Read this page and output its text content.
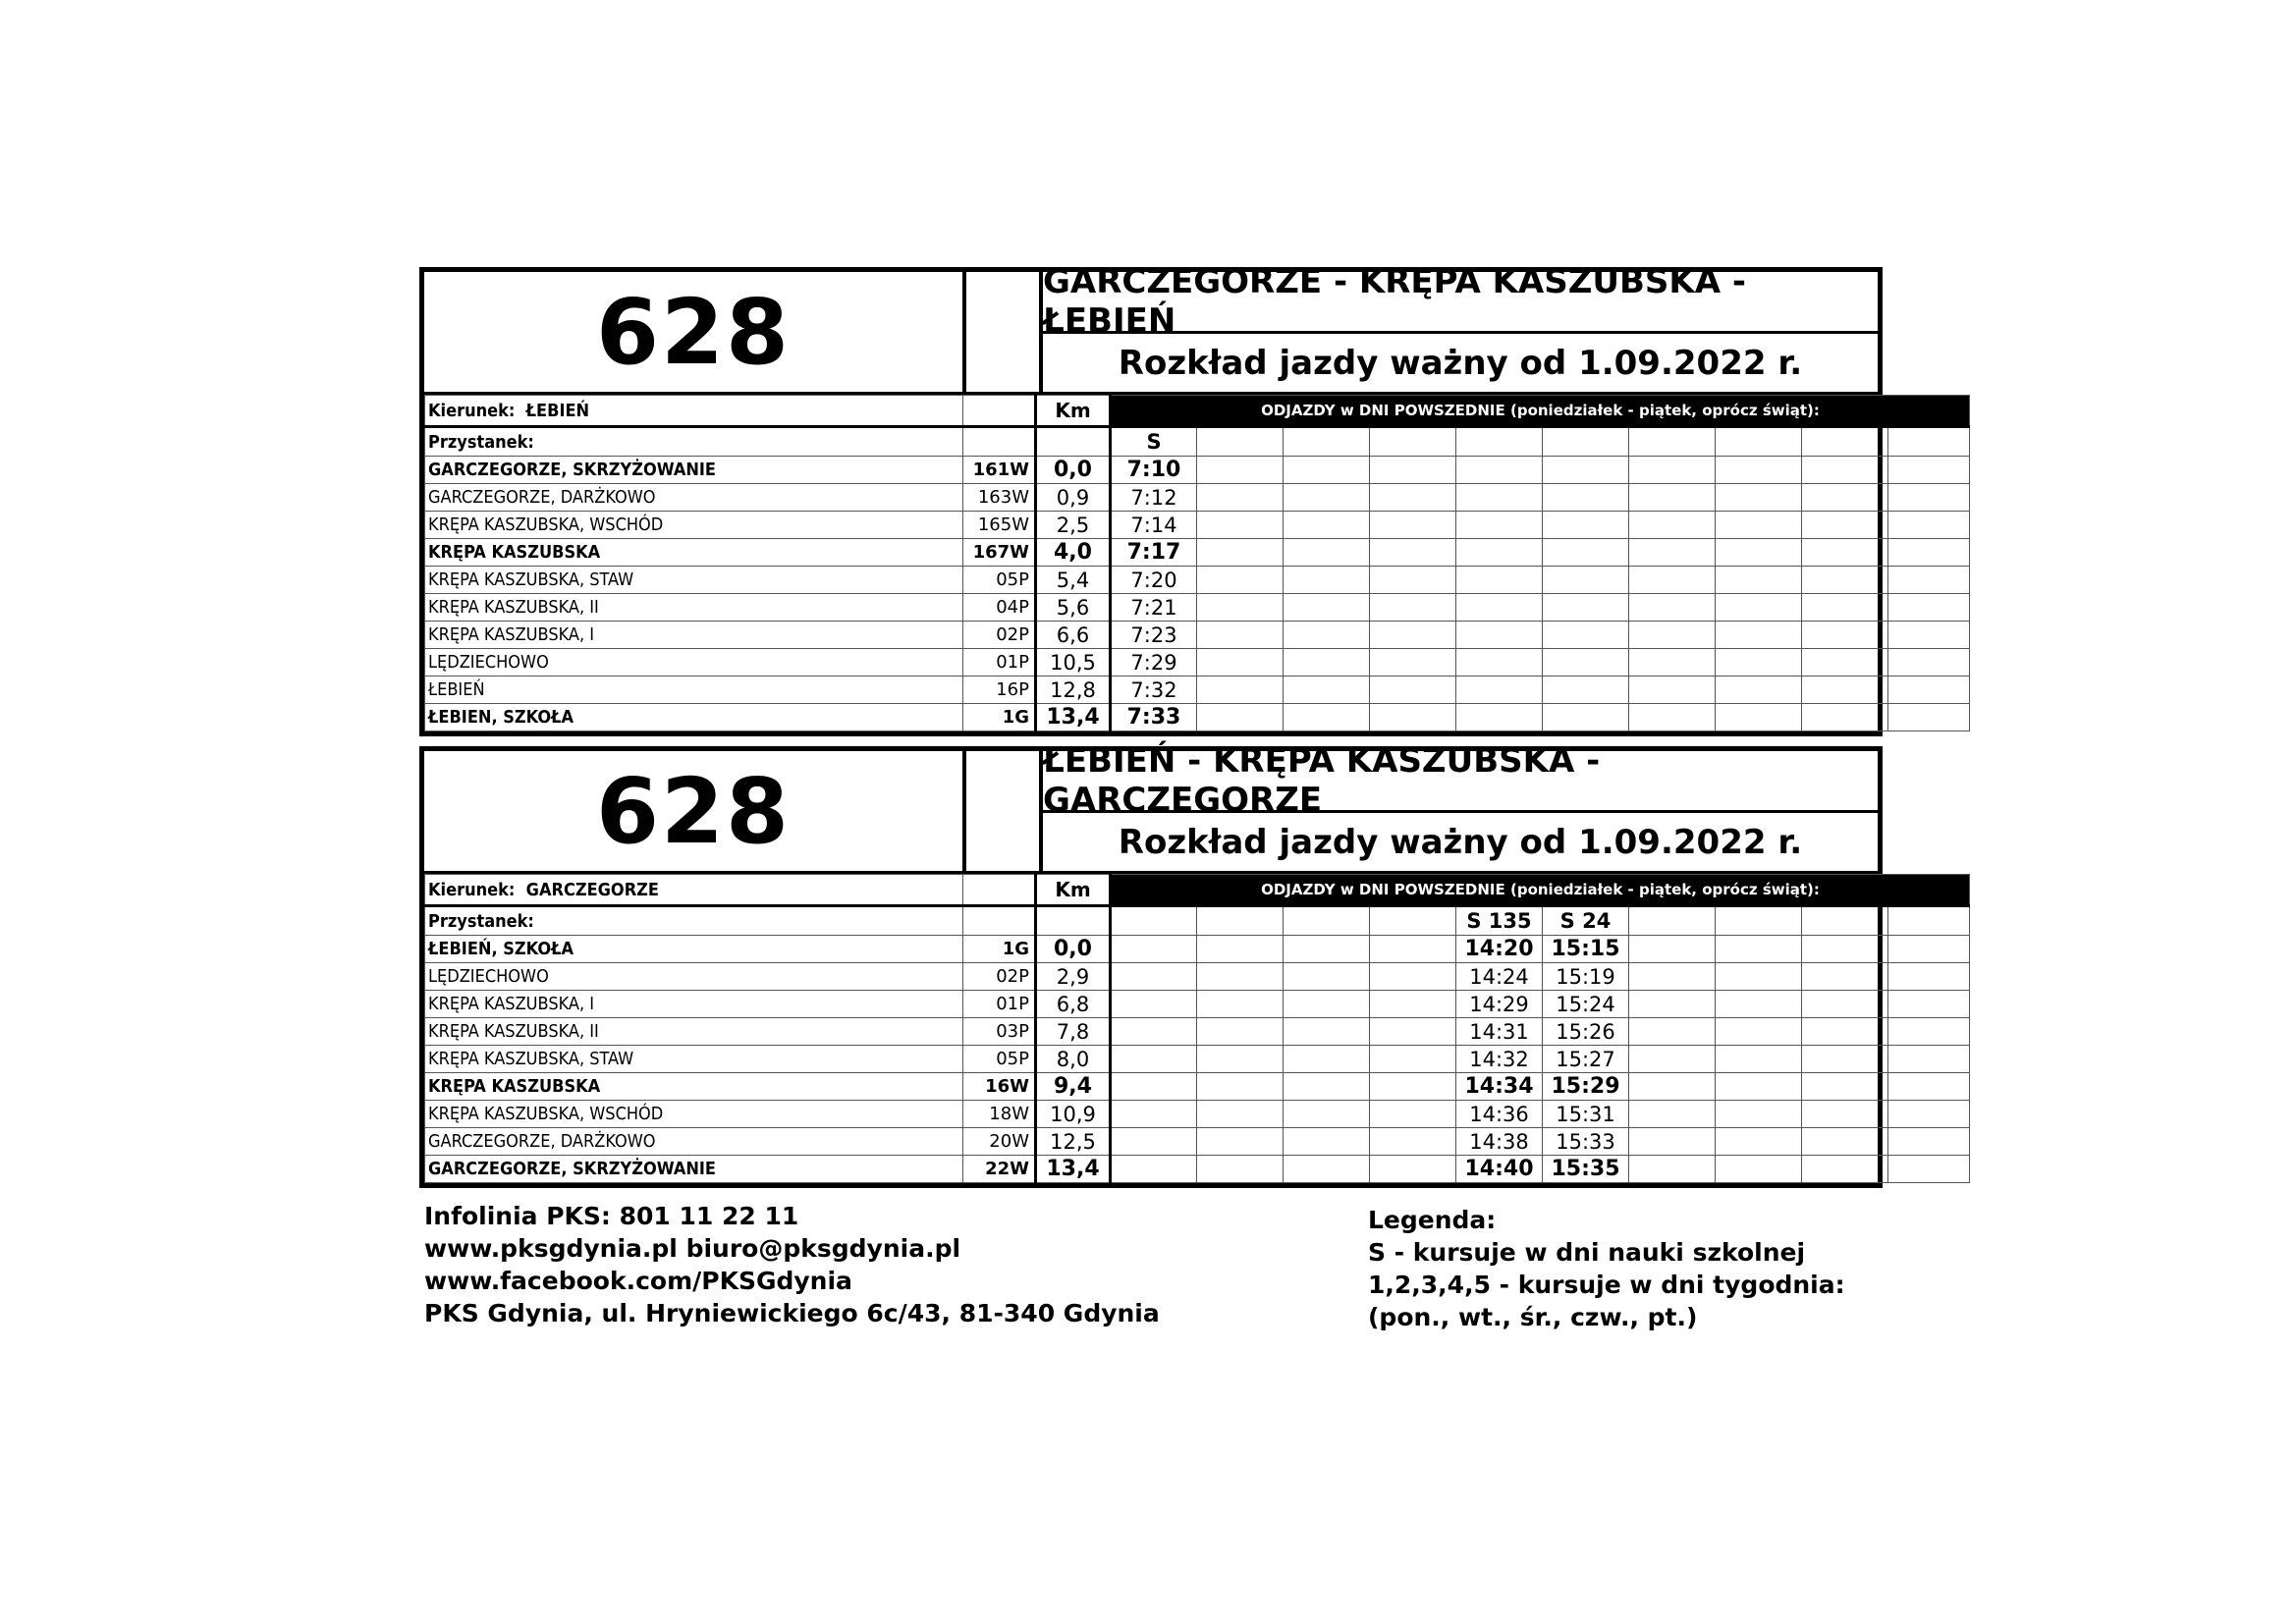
628	GARCZEGORZE - KRĘPA KASZUBSKA - ŁEBIEŃ
Rozkład jazdy ważny od 1.09.2022 r.
Kierunek: ŁEBIEŃ		Km	ODJAZDY w DNI POWSZEDNIE (poniedziałek - piątek, oprócz świąt):									
Przystanek:			S									
GARCZEGORZE, SKRZYŻOWANIE	161W	0,0	7:10									
GARCZEGORZE, DARŻKOWO	163W	0,9	7:12									
KRĘPA KASZUBSKA, WSCHÓD	165W	2,5	7:14									
KRĘPA KASZUBSKA	167W	4,0	7:17									
KRĘPA KASZUBSKA, STAW	05P	5,4	7:20									
KRĘPA KASZUBSKA, II	04P	5,6	7:21									
KRĘPA KASZUBSKA, I	02P	6,6	7:23									
LĘDZIECHOWO	01P	10,5	7:29									
ŁEBIEŃ	16P	12,8	7:32									
ŁEBIEN, SZKOŁA	1G	13,4	7:33									
628	ŁEBIEŃ - KRĘPA KASZUBSKA - GARCZEGORZE
Rozkład jazdy ważny od 1.09.2022 r.
Kierunek: GARCZEGORZE		Km	ODJAZDY w DNI POWSZEDNIE (poniedziałek - piątek, oprócz świąt):									
Przystanek:							S 135	S 24				
ŁEBIEŃ, SZKOŁA	1G	0,0					14:20	15:15				
LĘDZIECHOWO	02P	2,9					14:24	15:19				
KRĘPA KASZUBSKA, I	01P	6,8					14:29	15:24				
KRĘPA KASZUBSKA, II	03P	7,8					14:31	15:26				
KRĘPA KASZUBSKA, STAW	05P	8,0					14:32	15:27				
KRĘPA KASZUBSKA	16W	9,4					14:34	15:29				
KRĘPA KASZUBSKA, WSCHÓD	18W	10,9					14:36	15:31				
GARCZEGORZE, DARŻKOWO	20W	12,5					14:38	15:33				
GARCZEGORZE, SKRZYŻOWANIE	22W	13,4					14:40	15:35				
Infolinia PKS: 801 11 22 11
www.pksgdynia.pl biuro@pksgdynia.pl
www.facebook.com/PKSGdynia
PKS Gdynia, ul. Hryniewickiego 6c/43, 81-340 Gdynia
Legenda:
S - kursuje w dni nauki szkolnej
1,2,3,4,5 - kursuje w dni tygodnia:
(pon., wt., śr., czw., pt.)
